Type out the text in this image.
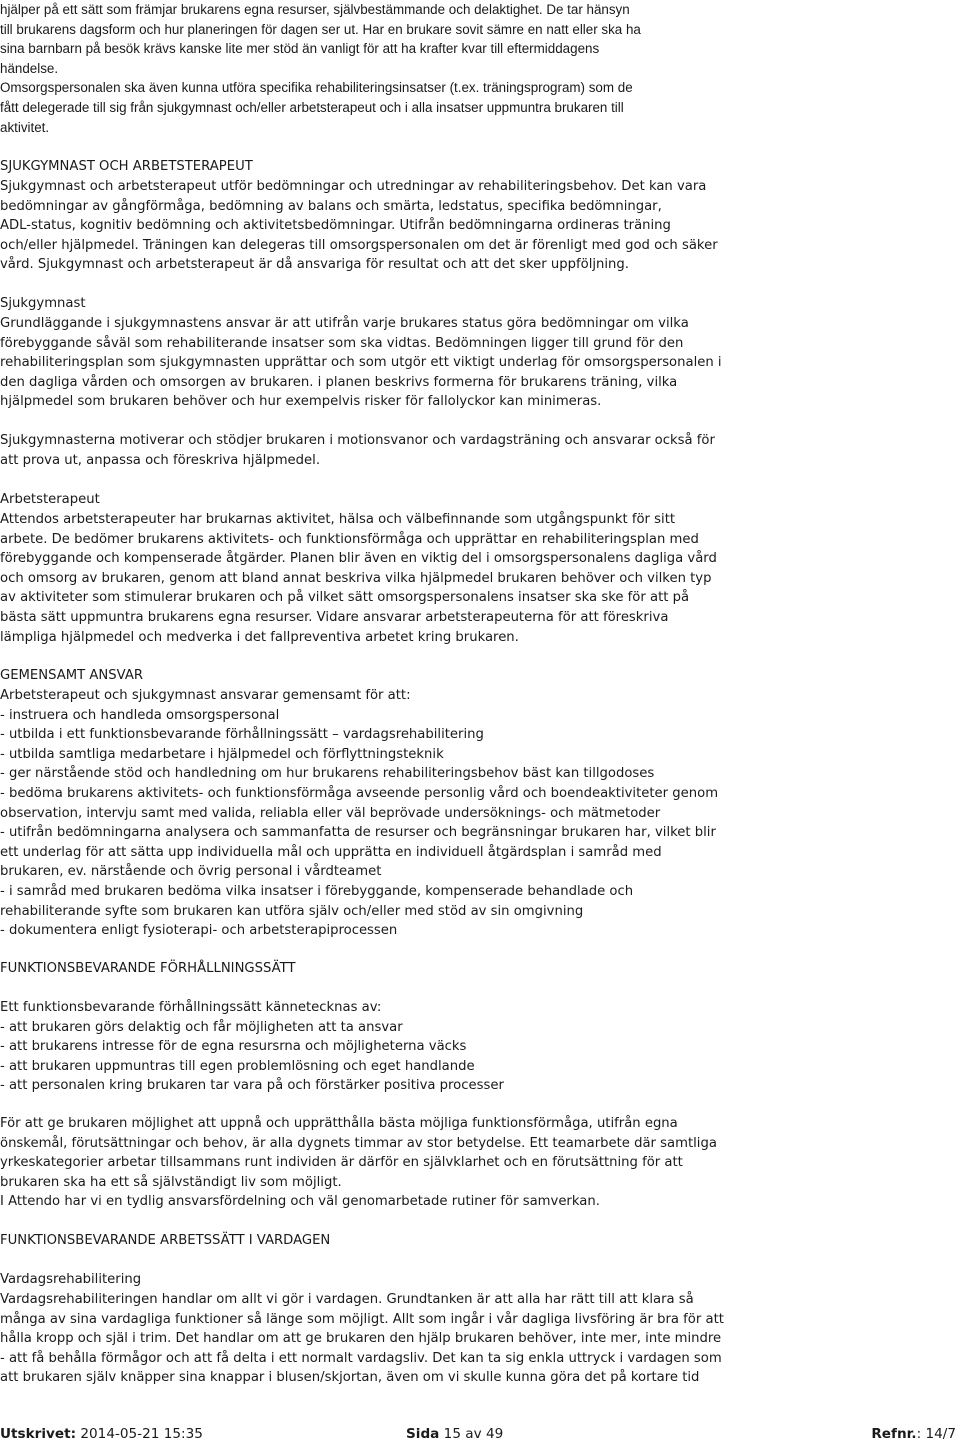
hjälper på ett sätt som främjar brukarens egna resurser, självbestämmande och delaktighet. De tar hänsyn
till brukarens dagsform och hur planeringen för dagen ser ut. Har en brukare sovit sämre en natt eller ska ha
sina barnbarn på besök krävs kanske lite mer stöd än vanligt för att ha krafter kvar till eftermiddagens
händelse.
Omsorgspersonalen ska även kunna utföra specifika rehabiliteringsinsatser (t.ex. träningsprogram) som de
fått delegerade till sig från sjukgymnast och/eller arbetsterapeut och i alla insatser uppmuntra brukaren till
aktivitet.

SJUKGYMNAST OCH ARBETSTERAPEUT

Sjukgymnast och arbetsterapeut utför bedömningar och utredningar av rehabiliteringsbehov. Det kan vara
bedömningar av gångförmåga, bedömning av balans och smärta, ledstatus, specifika bedömningar,
ADL-status, kognitiv bedömning och aktivitetsbedömningar. Utifrån bedömningarna ordineras träning
och/eller hjälpmedel. Träningen kan delegeras till omsorgspersonalen om det är förenligt med god och säker
vård. Sjukgymnast och arbetsterapeut är då ansvariga för resultat och att det sker uppföljning.

Sjukgymnast

Grundläggande i sjukgymnastens ansvar är att utifrån varje brukares status göra bedömningar om vilka
förebyggande såväl som rehabiliterande insatser som ska vidtas. Bedömningen ligger till grund för den
rehabiliteringsplan som sjukgymnasten upprättar och som utgör ett viktigt underlag för omsorgspersonalen i
den dagliga vården och omsorgen av brukaren. i planen beskrivs formerna för brukarens träning, vilka
hjälpmedel som brukaren behöver och hur exempelvis risker för fallolyckor kan minimeras.

Sjukgymnasterna motiverar och stödjer brukaren i motionsvanor och vardagsträning och ansvarar också för
att prova ut, anpassa och föreskriva hjälpmedel.

Arbetsterapeut

Attendos arbetsterapeuter har brukarnas aktivitet, hälsa och välbefinnande som utgångspunkt för sitt
arbete. De bedömer brukarens aktivitets- och funktionsförmåga och upprättar en rehabiliteringsplan med
förebyggande och kompenserade åtgärder. Planen blir även en viktig del i omsorgspersonalens dagliga vård
och omsorg av brukaren, genom att bland annat beskriva vilka hjälpmedel brukaren behöver och vilken typ
av aktiviteter som stimulerar brukaren och på vilket sätt omsorgspersonalens insatser ska ske för att på
bästa sätt uppmuntra brukarens egna resurser. Vidare ansvarar arbetsterapeuterna för att föreskriva
lämpliga hjälpmedel och medverka i det fallpreventiva arbetet kring brukaren.

GEMENSAMT ANSVAR

Arbetsterapeut och sjukgymnast ansvarar gemensamt för att:
- instruera och handleda omsorgspersonal
- utbilda i ett funktionsbevarande förhållningssätt – vardagsrehabilitering
- utbilda samtliga medarbetare i hjälpmedel och förflyttningsteknik
- ger närstående stöd och handledning om hur brukarens rehabiliteringsbehov bäst kan tillgodoses
- bedöma brukarens aktivitets- och funktionsförmåga avseende personlig vård och boendeaktiviteter genom
observation, intervju samt med valida, reliabla eller väl beprövade undersöknings- och mätmetoder
- utifrån bedömningarna analysera och sammanfatta de resurser och begränsningar brukaren har, vilket blir
ett underlag för att sätta upp individuella mål och upprätta en individuell åtgärdsplan i samråd med
brukaren, ev. närstående och övrig personal i vårdteamet
- i samråd med brukaren bedöma vilka insatser i förebyggande, kompenserade behandlade och
rehabiliterande syfte som brukaren kan utföra själv och/eller med stöd av sin omgivning
- dokumentera enligt fysioterapi- och arbetsterapiprocessen

FUNKTIONSBEVARANDE FÖRHÅLLNINGSSÄTT

Ett funktionsbevarande förhållningssätt kännetecknas av:
- att brukaren görs delaktig och får möjligheten att ta ansvar
- att brukarens intresse för de egna resursrna och möjligheterna väcks
- att brukaren uppmuntras till egen problemlösning och eget handlande
- att personalen kring brukaren tar vara på och förstärker positiva processer

För att ge brukaren möjlighet att uppnå och upprätthålla bästa möjliga funktionsförmåga, utifrån egna
önskemål, förutsättningar och behov, är alla dygnets timmar av stor betydelse. Ett teamarbete där samtliga
yrkeskategorier arbetar tillsammans runt individen är därför en självklarhet och en förutsättning för att
brukaren ska ha ett så självständigt liv som möjligt.
I Attendo har vi en tydlig ansvarsfördelning och väl genomarbetade rutiner för samverkan.

FUNKTIONSBEVARANDE ARBETSSÄTT I VARDAGEN

Vardagsrehabilitering

Vardagsrehabiliteringen handlar om allt vi gör i vardagen. Grundtanken är att alla har rätt till att klara så
många av sina vardagliga funktioner så länge som möjligt. Allt som ingår i vår dagliga livsföring är bra för att
hålla kropp och själ i trim. Det handlar om att ge brukaren den hjälp brukaren behöver, inte mer, inte mindre
- att få behålla förmågor och att få delta i ett normalt vardagsliv. Det kan ta sig enkla uttryck i vardagen som
att brukaren själv knäpper sina knappar i blusen/skjortan, även om vi skulle kunna göra det på kortare tid

Utskrivet: 2014-05-21 15:35	Sida 15 av 49	Refnr.: 14/7
